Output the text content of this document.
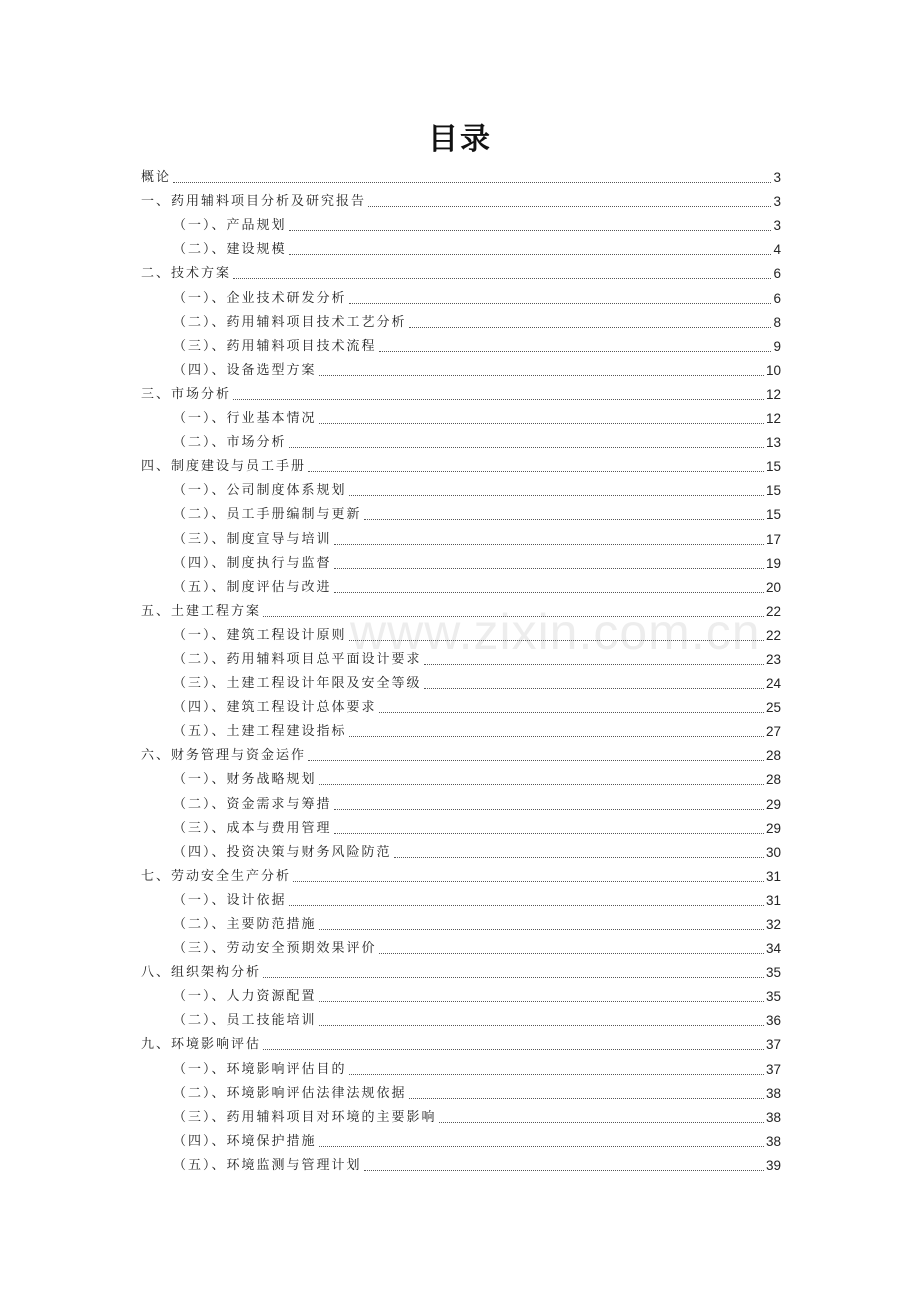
目录
www.zixin.com.cn
概论	3
一、药用辅料项目分析及研究报告	3
（一）、产品规划	3
（二）、建设规模	4
二、技术方案	6
（一）、企业技术研发分析	6
（二）、药用辅料项目技术工艺分析	8
（三）、药用辅料项目技术流程	9
（四）、设备选型方案	10
三、市场分析	12
（一）、行业基本情况	12
（二）、市场分析	13
四、制度建设与员工手册	15
（一）、公司制度体系规划	15
（二）、员工手册编制与更新	15
（三）、制度宣导与培训	17
（四）、制度执行与监督	19
（五）、制度评估与改进	20
五、土建工程方案	22
（一）、建筑工程设计原则	22
（二）、药用辅料项目总平面设计要求	23
（三）、土建工程设计年限及安全等级	24
（四）、建筑工程设计总体要求	25
（五）、土建工程建设指标	27
六、财务管理与资金运作	28
（一）、财务战略规划	28
（二）、资金需求与筹措	29
（三）、成本与费用管理	29
（四）、投资决策与财务风险防范	30
七、劳动安全生产分析	31
（一）、设计依据	31
（二）、主要防范措施	32
（三）、劳动安全预期效果评价	34
八、组织架构分析	35
（一）、人力资源配置	35
（二）、员工技能培训	36
九、环境影响评估	37
（一）、环境影响评估目的	37
（二）、环境影响评估法律法规依据	38
（三）、药用辅料项目对环境的主要影响	38
（四）、环境保护措施	38
（五）、环境监测与管理计划	39
